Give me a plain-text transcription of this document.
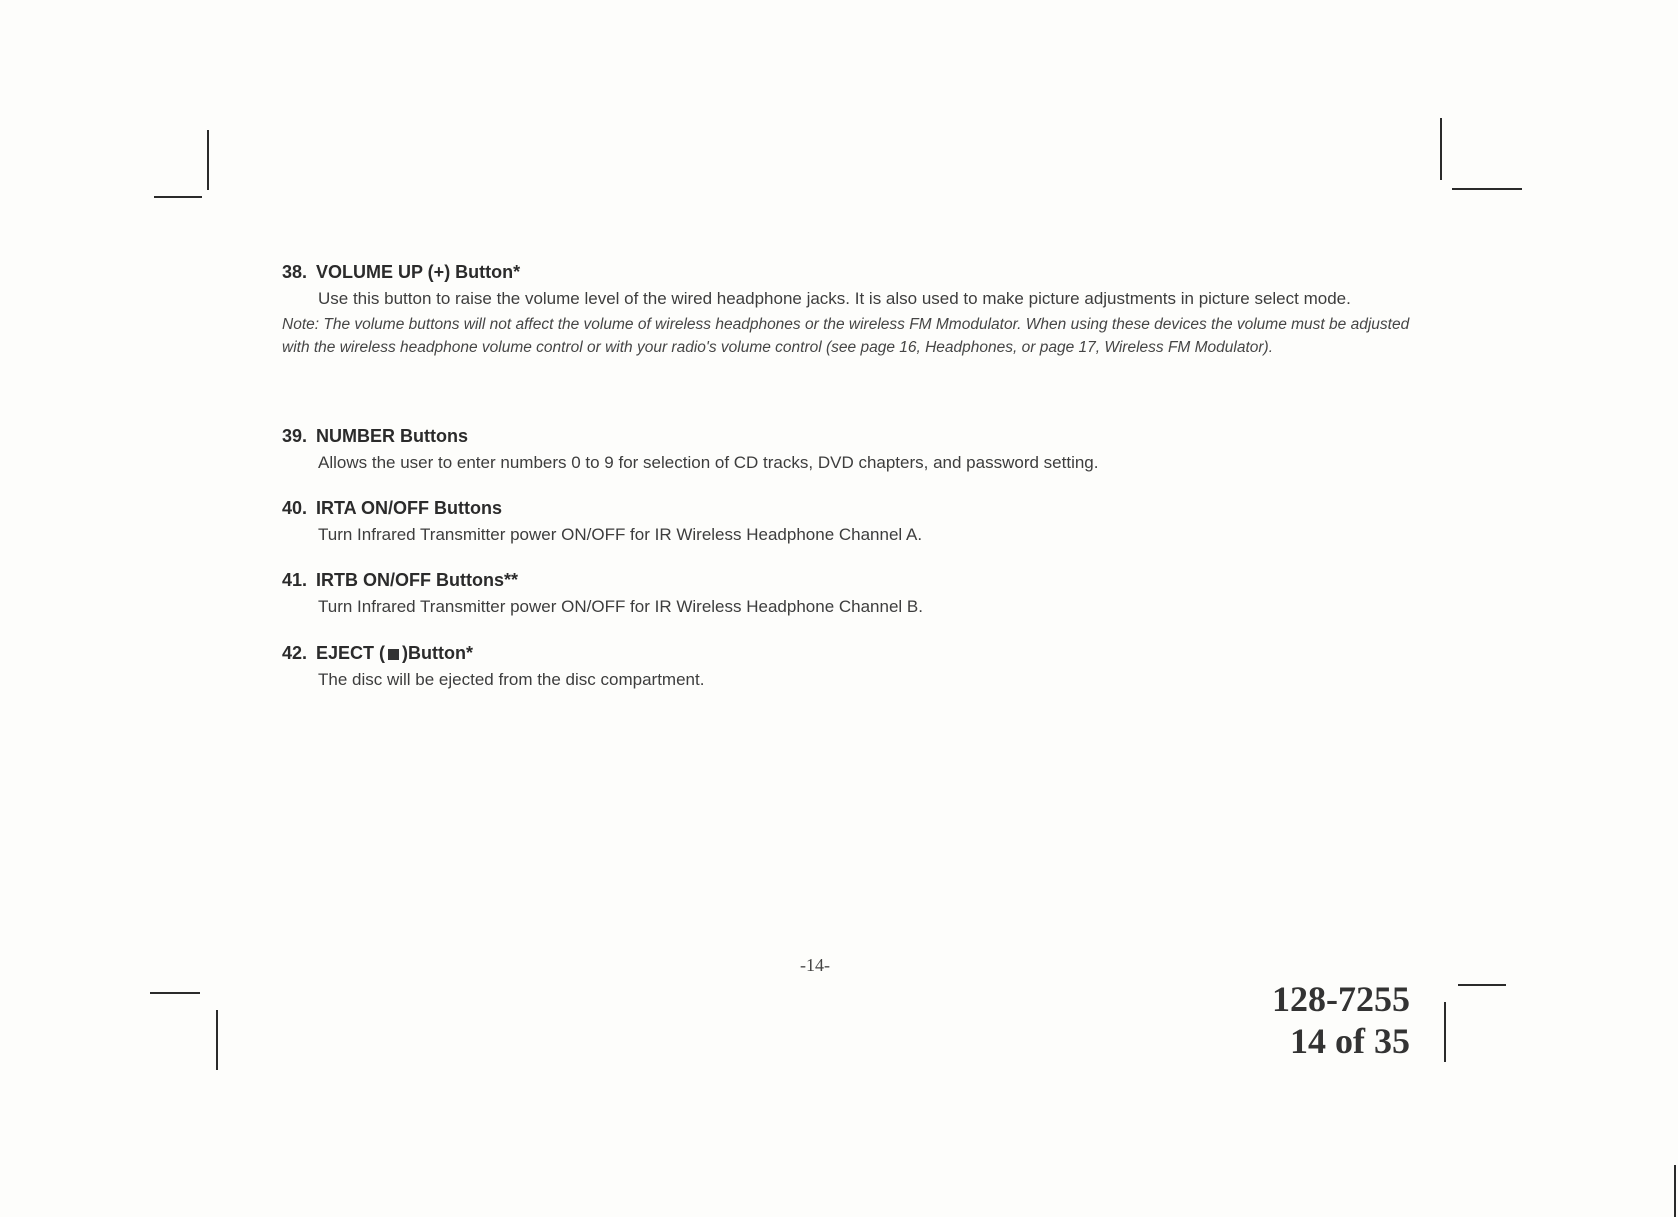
38. VOLUME UP (+) Button*
Use this button to raise the volume level of the wired headphone jacks. It is also used to make picture adjustments in picture select mode.
Note: The volume buttons will not affect the volume of wireless headphones or the wireless FM Mmodulator. When using these devices the volume must be adjusted with the wireless headphone volume control or with your radio's volume control (see page 16, Headphones, or page 17, Wireless FM Modulator).
39. NUMBER Buttons
Allows the user to enter numbers 0 to 9 for selection of CD tracks, DVD chapters, and password setting.
40. IRTA ON/OFF Buttons
Turn Infrared Transmitter power ON/OFF for IR Wireless Headphone Channel A.
41. IRTB ON/OFF Buttons**
Turn Infrared Transmitter power ON/OFF for IR Wireless Headphone Channel B.
42. EJECT ( )Button*
The disc will be ejected from the disc compartment.
-14-
128-7255
14 of 35
